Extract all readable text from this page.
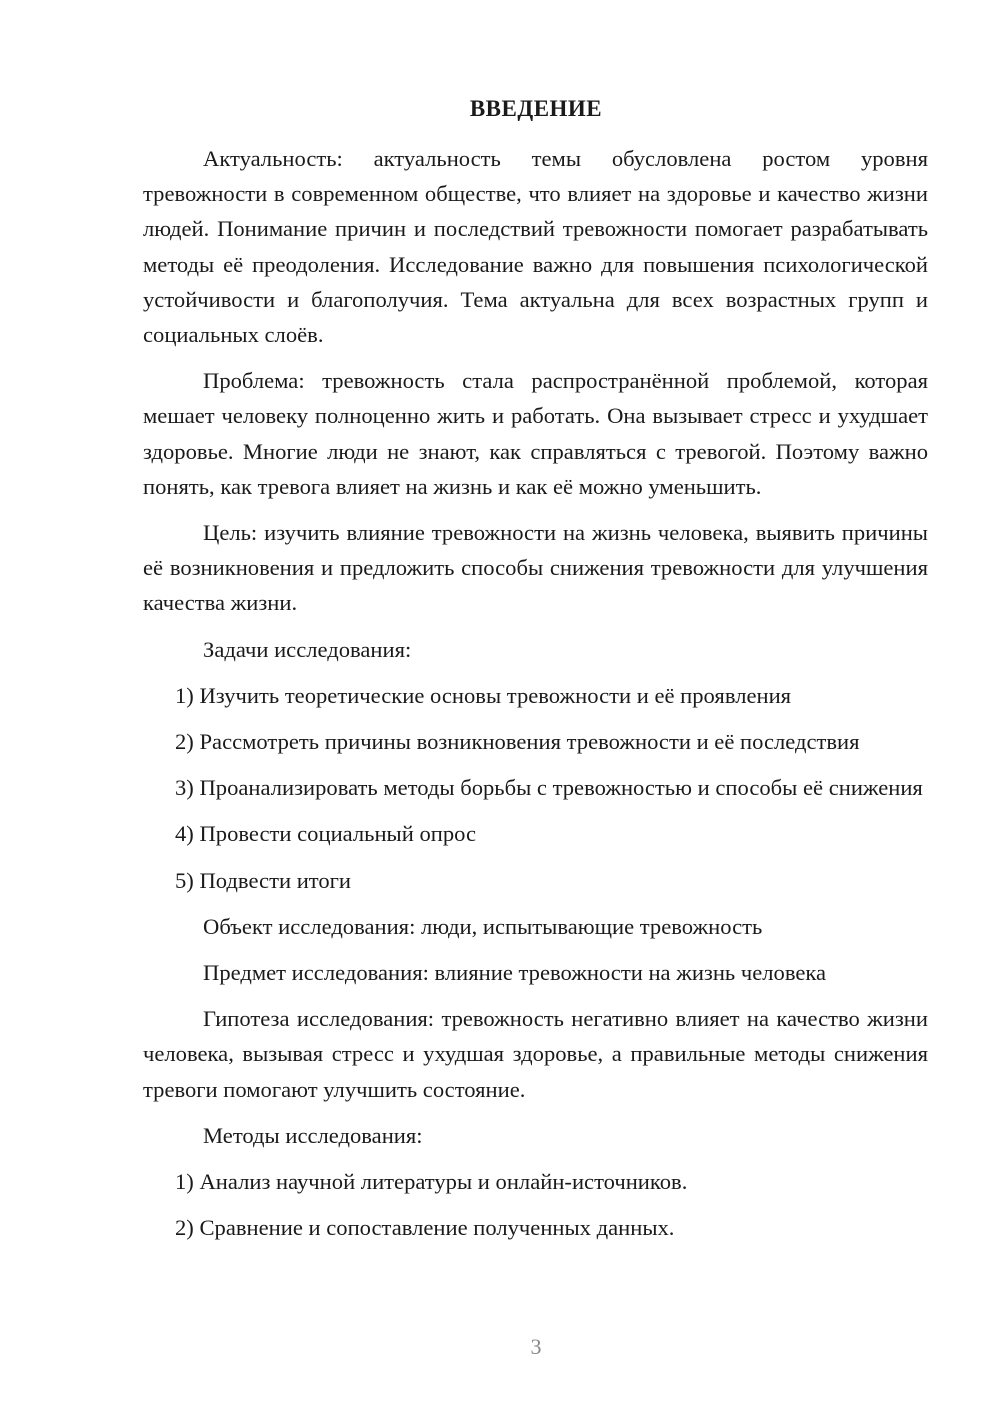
ВВЕДЕНИЕ

Актуальность: актуальность темы обусловлена ростом уровня тревожности в современном обществе, что влияет на здоровье и качество жизни людей. Понимание причин и последствий тревожности помогает разрабатывать методы её преодоления. Исследование важно для повышения психологической устойчивости и благополучия. Тема актуальна для всех возрастных групп и социальных слоёв.

Проблема: тревожность стала распространённой проблемой, которая мешает человеку полноценно жить и работать. Она вызывает стресс и ухудшает здоровье. Многие люди не знают, как справляться с тревогой. Поэтому важно понять, как тревога влияет на жизнь и как её можно уменьшить.

Цель: изучить влияние тревожности на жизнь человека, выявить причины её возникновения и предложить способы снижения тревожности для улучшения качества жизни.

Задачи исследования:

1) Изучить теоретические основы тревожности и её проявления

2) Рассмотреть причины возникновения тревожности и её последствия

3) Проанализировать методы борьбы с тревожностью и способы её снижения

4) Провести социальный опрос

5) Подвести итоги

Объект исследования: люди, испытывающие тревожность

Предмет исследования: влияние тревожности на жизнь человека

Гипотеза исследования: тревожность негативно влияет на качество жизни человека, вызывая стресс и ухудшая здоровье, а правильные методы снижения тревоги помогают улучшить состояние.

Методы исследования:

1) Анализ научной литературы и онлайн-источников.

2) Сравнение и сопоставление полученных данных.

3
